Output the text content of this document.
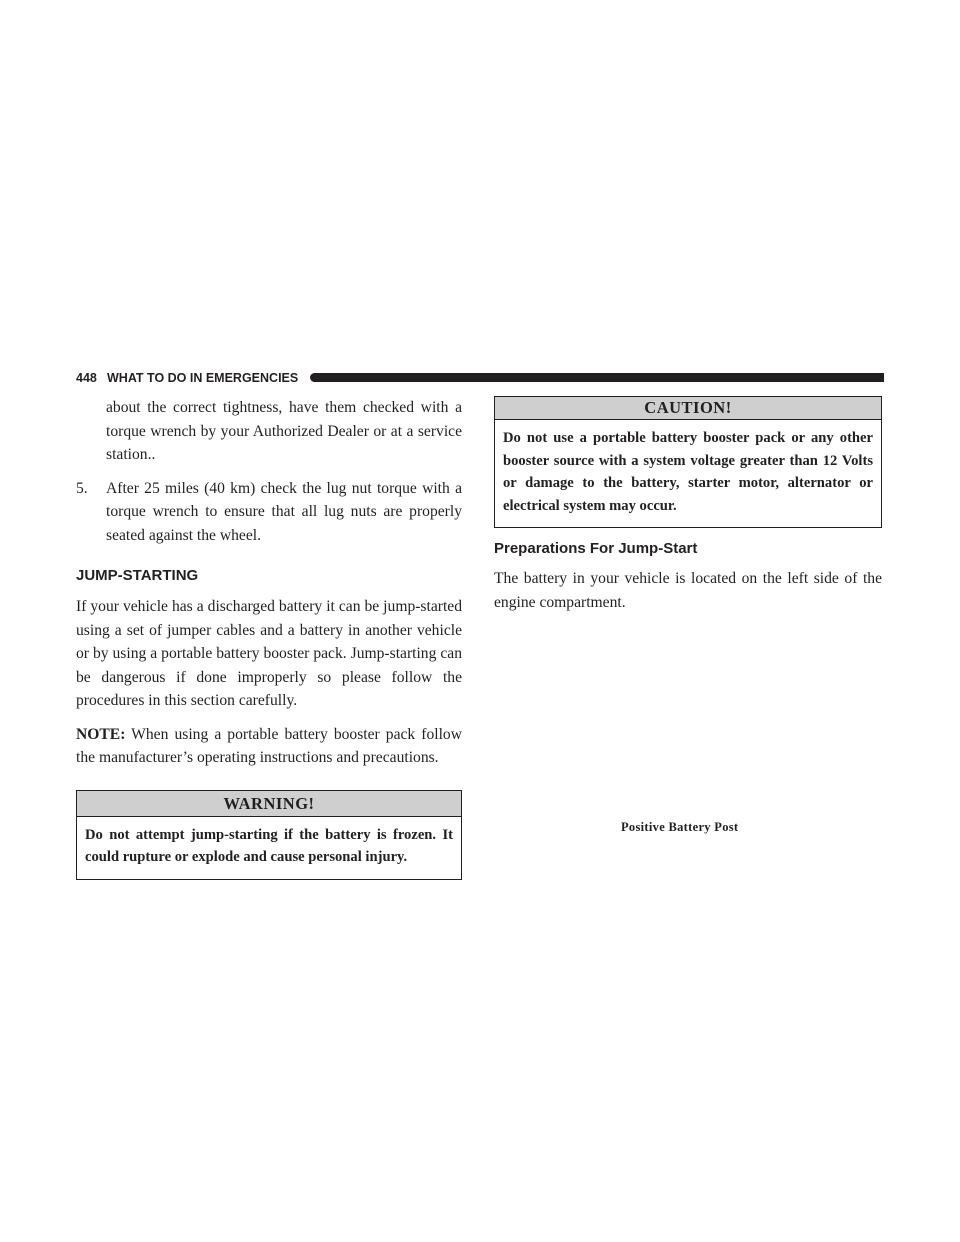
448 WHAT TO DO IN EMERGENCIES

about the correct tightness, have them checked with a torque wrench by your Authorized Dealer or at a service station..

5. After 25 miles (40 km) check the lug nut torque with a torque wrench to ensure that all lug nuts are properly seated against the wheel.
JUMP-STARTING

If your vehicle has a discharged battery it can be jump-started using a set of jumper cables and a battery in another vehicle or by using a portable battery booster pack. Jump-starting can be dangerous if done improperly so please follow the procedures in this section carefully.

NOTE: When using a portable battery booster pack follow the manufacturer’s operating instructions and precautions.

WARNING!
Do not attempt jump-starting if the battery is frozen. It could rupture or explode and cause personal injury.
CAUTION!
Do not use a portable battery booster pack or any other booster source with a system voltage greater than 12 Volts or damage to the battery, starter motor, alternator or electrical system may occur.
Preparations For Jump-Start

The battery in your vehicle is located on the left side of the engine compartment.

Positive Battery Post
